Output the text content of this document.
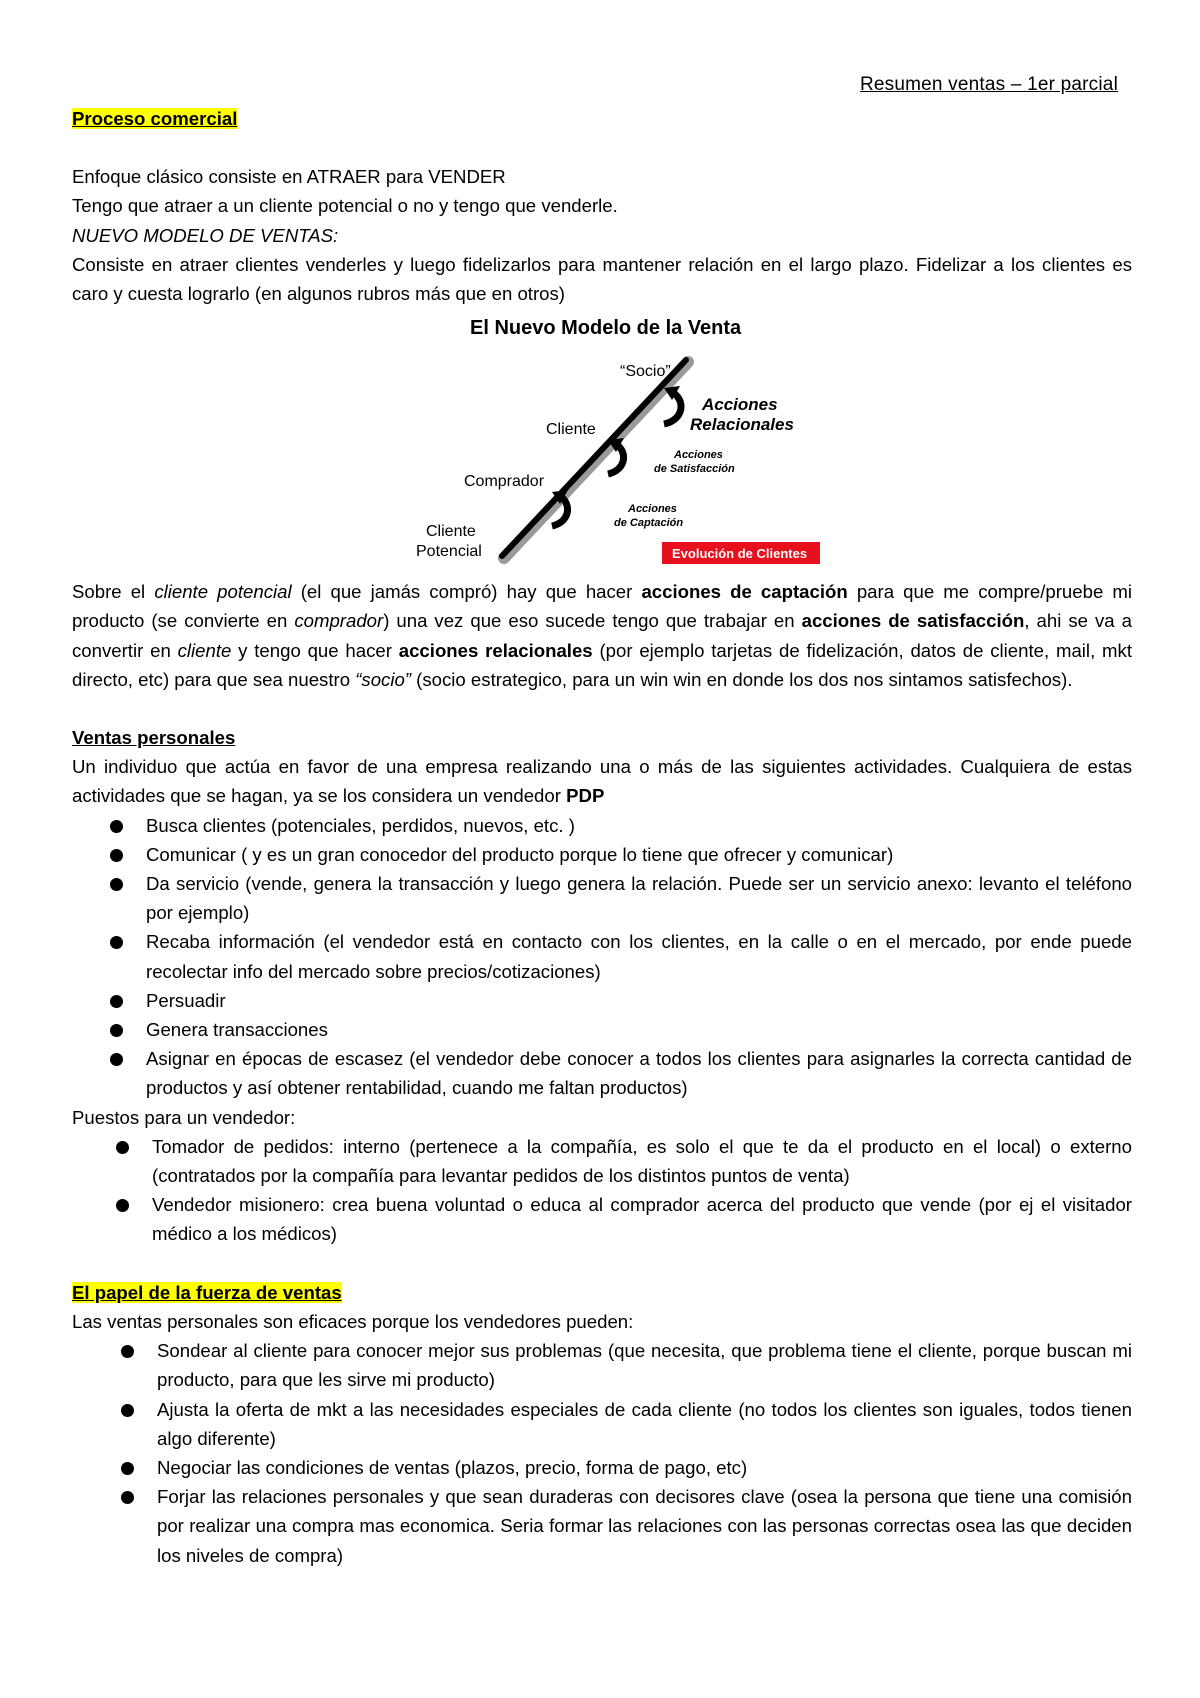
Resumen ventas – 1er parcial

Proceso comercial

Enfoque clásico consiste en ATRAER para VENDER

Tengo que atraer a un cliente potencial o no y tengo que venderle.

NUEVO MODELO DE VENTAS:

Consiste en atraer clientes venderles y luego fidelizarlos para mantener relación en el largo plazo. Fidelizar a los clientes es caro y cuesta lograrlo (en algunos rubros más que en otros)

El Nuevo Modelo de la Venta
“Socio”
Cliente
Comprador
Cliente
Potencial
Acciones
Relacionales
Acciones
de Satisfacción
Acciones
de Captación
Evolución de Clientes

Sobre el cliente potencial (el que jamás compró) hay que hacer acciones de captación para que me compre/pruebe mi producto (se convierte en comprador) una vez que eso sucede tengo que trabajar en acciones de satisfacción, ahi se va a convertir en cliente y tengo que hacer acciones relacionales (por ejemplo tarjetas de fidelización, datos de cliente, mail, mkt directo, etc) para que sea nuestro “socio” (socio estrategico, para un win win en donde los dos nos sintamos satisfechos).

Ventas personales

Un individuo que actúa en favor de una empresa realizando una o más de las siguientes actividades. Cualquiera de estas actividades que se hagan, ya se los considera un vendedor PDP

Busca clientes (potenciales, perdidos, nuevos, etc. )
Comunicar ( y es un gran conocedor del producto porque lo tiene que ofrecer y comunicar)
Da servicio (vende, genera la transacción y luego genera la relación. Puede ser un servicio anexo: levanto el teléfono por ejemplo)
Recaba información (el vendedor está en contacto con los clientes, en la calle o en el mercado, por ende puede recolectar info del mercado sobre precios/cotizaciones)
Persuadir
Genera transacciones
Asignar en épocas de escasez (el vendedor debe conocer a todos los clientes para asignarles la correcta cantidad de productos y así obtener rentabilidad, cuando me faltan productos)

Puestos para un vendedor:

Tomador de pedidos: interno (pertenece a la compañía, es solo el que te da el producto en el local) o externo (contratados por la compañía para levantar pedidos de los distintos puntos de venta)
Vendedor misionero: crea buena voluntad o educa al comprador acerca del producto que vende (por ej el visitador médico a los médicos)

El papel de la fuerza de ventas

Las ventas personales son eficaces porque los vendedores pueden:

Sondear al cliente para conocer mejor sus problemas (que necesita, que problema tiene el cliente, porque buscan mi producto, para que les sirve mi producto)
Ajusta la oferta de mkt a las necesidades especiales de cada cliente (no todos los clientes son iguales, todos tienen algo diferente)
Negociar las condiciones de ventas (plazos, precio, forma de pago, etc)
Forjar las relaciones personales y que sean duraderas con decisores clave (osea la persona que tiene una comisión por realizar una compra mas economica. Seria formar las relaciones con las personas correctas osea las que deciden los niveles de compra)
